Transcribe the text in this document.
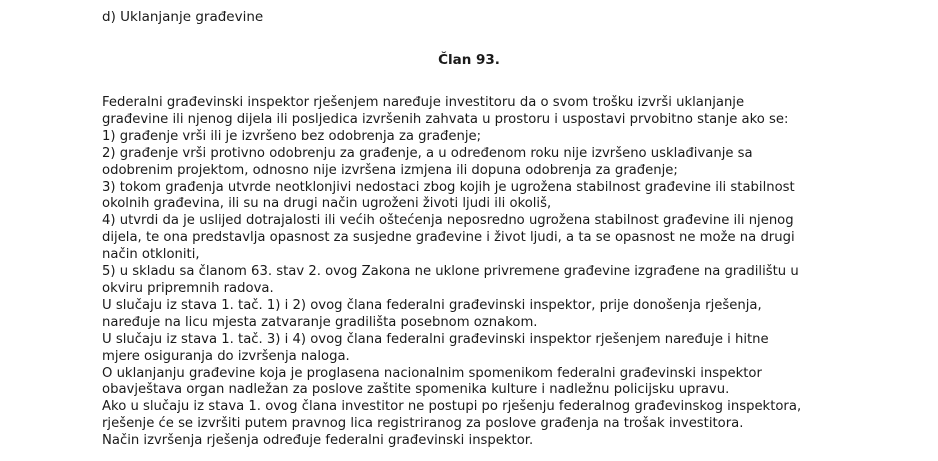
d) Uklanjanje građevine
Član 93.
Federalni građevinski inspektor rješenjem naređuje investitoru da o svom trošku izvrši uklanjanje
građevine ili njenog dijela ili posljedica izvršenih zahvata u prostoru i uspostavi prvobitno stanje ako se:
1) građenje vrši ili je izvršeno bez odobrenja za građenje;
2) građenje vrši protivno odobrenju za građenje, a u određenom roku nije izvršeno usklađivanje sa
odobrenim projektom, odnosno nije izvršena izmjena ili dopuna odobrenja za građenje;
3) tokom građenja utvrde neotklonjivi nedostaci zbog kojih je ugrožena stabilnost građevine ili stabilnost
okolnih građevina, ili su na drugi način ugroženi životi ljudi ili okoliš,
4) utvrdi da je uslijed dotrajalosti ili većih oštećenja neposredno ugrožena stabilnost građevine ili njenog
dijela, te ona predstavlja opasnost za susjedne građevine i život ljudi, a ta se opasnost ne može na drugi
način otkloniti,
5) u skladu sa članom 63. stav 2. ovog Zakona ne uklone privremene građevine izgrađene na gradilištu u
okviru pripremnih radova.
U slučaju iz stava 1. tač. 1) i 2) ovog člana federalni građevinski inspektor, prije donošenja rješenja,
naređuje na licu mjesta zatvaranje gradilišta posebnom oznakom.
U slučaju iz stava 1. tač. 3) i 4) ovog člana federalni građevinski inspektor rješenjem naređuje i hitne
mjere osiguranja do izvršenja naloga.
O uklanjanju građevine koja je proglasena nacionalnim spomenikom federalni građevinski inspektor
obavještava organ nadležan za poslove zaštite spomenika kulture i nadležnu policijsku upravu.
Ako u slučaju iz stava 1. ovog člana investitor ne postupi po rješenju federalnog građevinskog inspektora,
rješenje će se izvršiti putem pravnog lica registriranog za poslove građenja na trošak investitora.
Način izvršenja rješenja određuje federalni građevinski inspektor.
